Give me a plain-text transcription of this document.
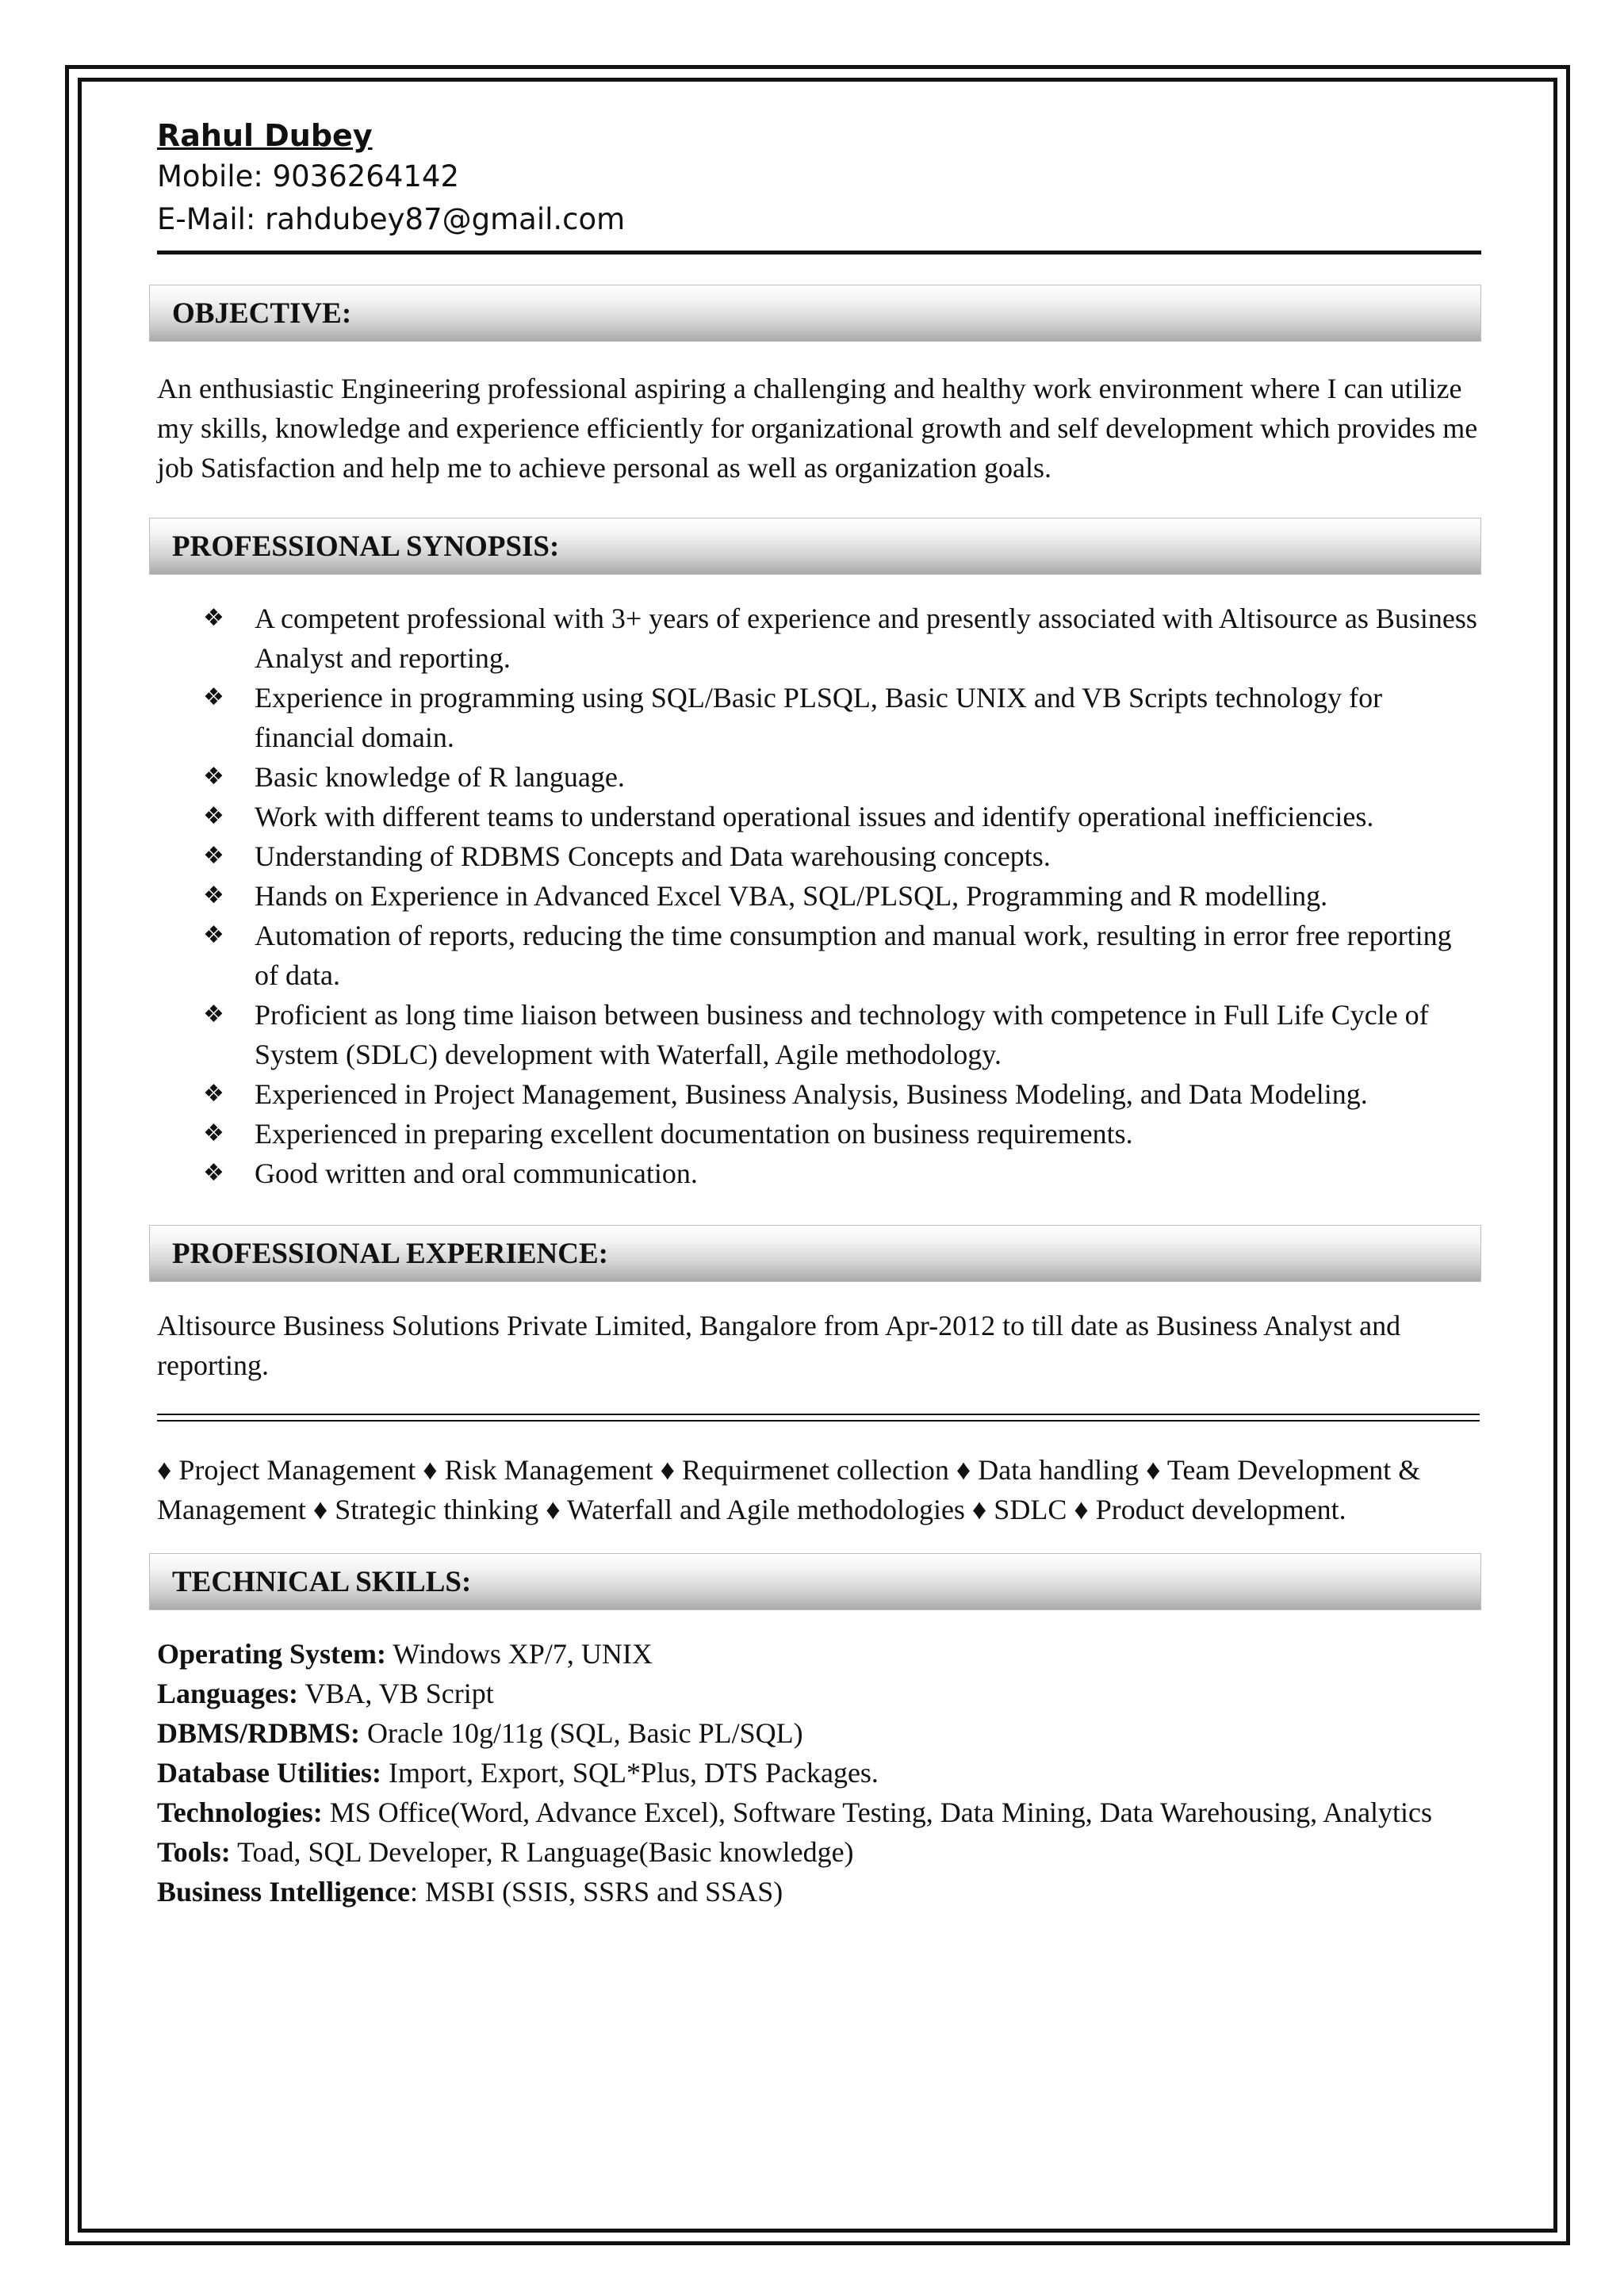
Rahul Dubey

Mobile: 9036264142

E-Mail: rahdubey87@gmail.com

OBJECTIVE:

An enthusiastic Engineering professional aspiring a challenging and healthy work environment where I can utilize my skills, knowledge and experience efficiently for organizational growth and self development which provides me job Satisfaction and help me to achieve personal as well as organization goals.

PROFESSIONAL SYNOPSIS:
❖ A competent professional with 3+ years of experience and presently associated with Altisource as Business Analyst and reporting.
❖ Experience in programming using SQL/Basic PLSQL, Basic UNIX and VB Scripts technology for financial domain.
❖ Basic knowledge of R language.
❖ Work with different teams to understand operational issues and identify operational inefficiencies.
❖ Understanding of RDBMS Concepts and Data warehousing concepts.
❖ Hands on Experience in Advanced Excel VBA, SQL/PLSQL, Programming and R modelling.
❖ Automation of reports, reducing the time consumption and manual work, resulting in error free reporting of data.
❖ Proficient as long time liaison between business and technology with competence in Full Life Cycle of System (SDLC) development with Waterfall, Agile methodology.
❖ Experienced in Project Management, Business Analysis, Business Modeling, and Data Modeling.
❖ Experienced in preparing excellent documentation on business requirements.
❖ Good written and oral communication.
PROFESSIONAL EXPERIENCE:

Altisource Business Solutions Private Limited, Bangalore from Apr-2012 to till date as Business Analyst and reporting.

♦ Project Management ♦ Risk Management ♦ Requirmenet collection ♦ Data handling ♦ Team Development & Management ♦ Strategic thinking ♦ Waterfall and Agile methodologies ♦ SDLC ♦ Product development.

TECHNICAL SKILLS:

Operating System: Windows XP/7, UNIX

Languages: VBA, VB Script

DBMS/RDBMS: Oracle 10g/11g (SQL, Basic PL/SQL)

Database Utilities: Import, Export, SQL*Plus, DTS Packages.

Technologies: MS Office(Word, Advance Excel), Software Testing, Data Mining, Data Warehousing, Analytics

Tools: Toad, SQL Developer, R Language(Basic knowledge)

Business Intelligence: MSBI (SSIS, SSRS and SSAS)
